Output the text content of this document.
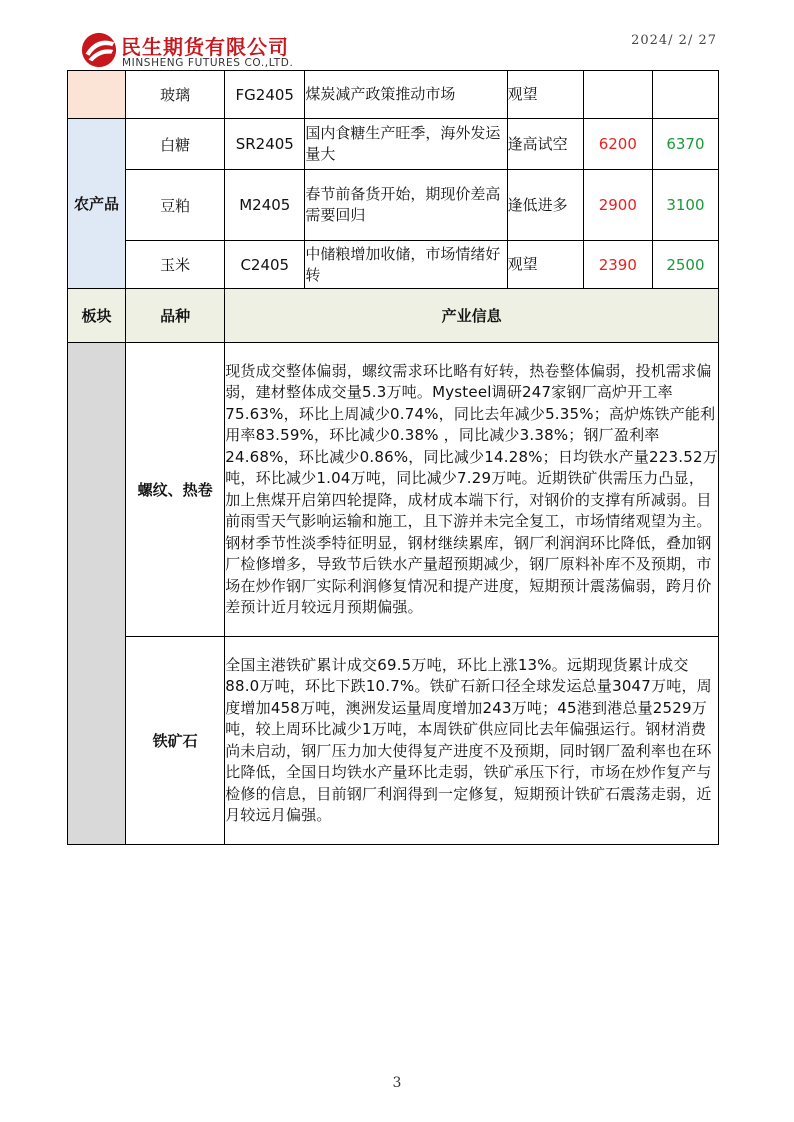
民生期货有限公司
MINSHENG FUTURES CO.,LTD.
2024/ 2/ 27
	玻璃	FG2405	煤炭减产政策推动市场	观望		
农产品	白糖	SR2405	国内食糖生产旺季，海外发运量大	逢高试空	6200	6370
	豆粕	M2405	春节前备货开始，期现价差高需要回归	逢低进多	2900	3100
	玉米	C2405	中储粮增加收储，市场情绪好转	观望	2390	2500
板块	品种	产业信息				
	螺纹、热卷	现货成交整体偏弱，螺纹需求环比略有好转，热卷整体偏弱，投机需求偏弱，建材整体成交量5.3万吨。Mysteel调研247家钢厂高炉开工率75.63%，环比上周减少0.74%，同比去年减少5.35%；高炉炼铁产能利用率83.59%，环比减少0.38% ，同比减少3.38%；钢厂盈利率24.68%，环比减少0.86%，同比减少14.28%；日均铁水产量223.52万吨，环比减少1.04万吨，同比减少7.29万吨。近期铁矿供需压力凸显，加上焦煤开启第四轮提降，成材成本端下行，对钢价的支撑有所减弱。目前雨雪天气影响运输和施工，且下游并未完全复工，市场情绪观望为主。钢材季节性淡季特征明显，钢材继续累库，钢厂利润润环比降低，叠加钢厂检修增多，导致节后铁水产量超预期减少，钢厂原料补库不及预期，市场在炒作钢厂实际利润修复情况和提产进度，短期预计震荡偏弱，跨月价差预计近月较远月预期偏强。				
	铁矿石	全国主港铁矿累计成交69.5万吨，环比上涨13%。远期现货累计成交88.0万吨，环比下跌10.7%。铁矿石新口径全球发运总量3047万吨，周度增加458万吨，澳洲发运量周度增加243万吨；45港到港总量2529万吨，较上周环比减少1万吨，本周铁矿供应同比去年偏强运行。钢材消费尚未启动，钢厂压力加大使得复产进度不及预期，同时钢厂盈利率也在环比降低，全国日均铁水产量环比走弱，铁矿承压下行，市场在炒作复产与检修的信息，目前钢厂利润得到一定修复，短期预计铁矿石震荡走弱，近月较远月偏强。				
3
